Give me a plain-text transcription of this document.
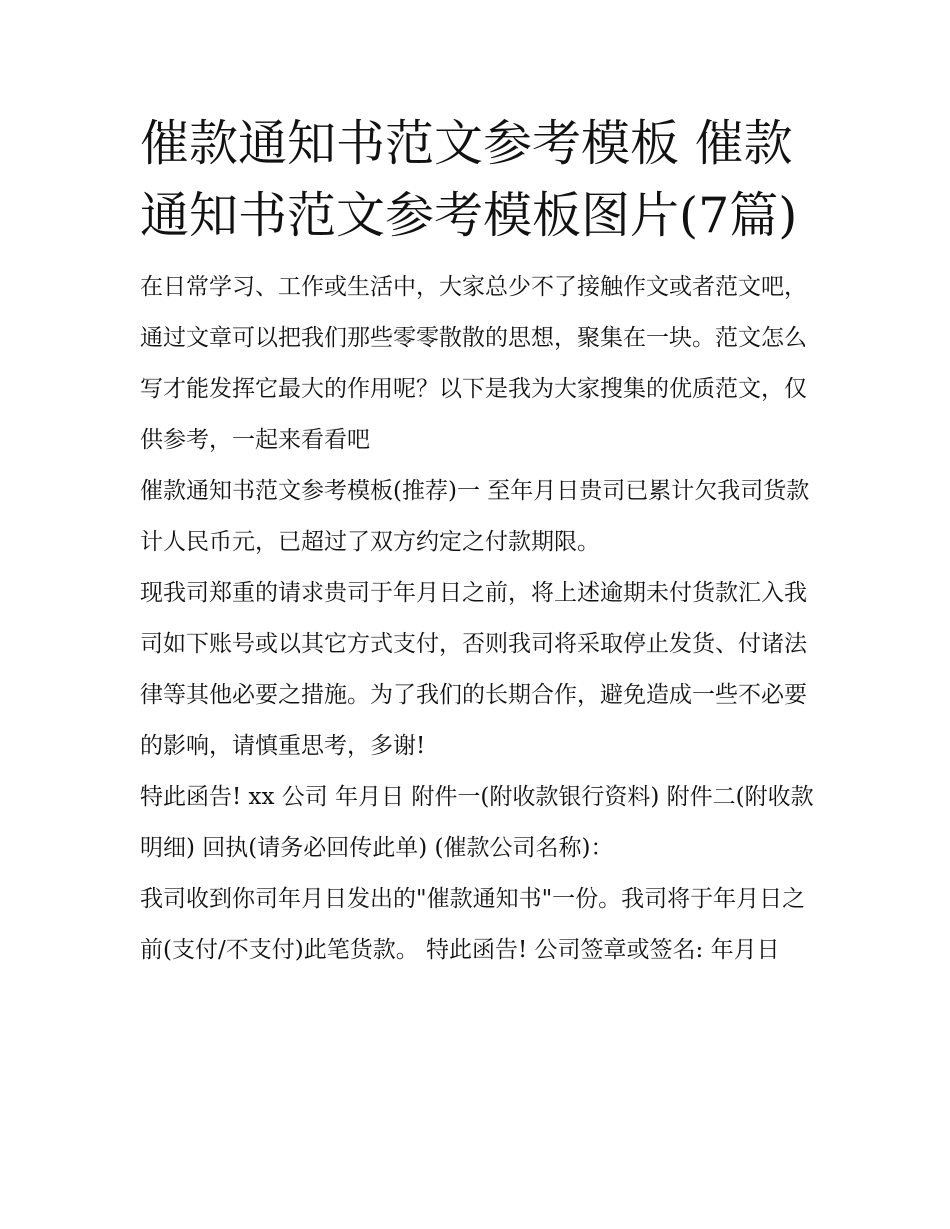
催款通知书范文参考模板 催款通知书范文参考模板图片(7篇)

在日常学习、工作或生活中，大家总少不了接触作文或者范文吧，通过文章可以把我们那些零零散散的思想，聚集在一块。范文怎么写才能发挥它最大的作用呢？以下是我为大家搜集的优质范文，仅供参考，一起来看看吧

催款通知书范文参考模板(推荐)一 至年月日贵司已累计欠我司货款计人民币元，已超过了双方约定之付款期限。

现我司郑重的请求贵司于年月日之前，将上述逾期未付货款汇入我司如下账号或以其它方式支付，否则我司将采取停止发货、付诸法律等其他必要之措施。为了我们的长期合作，避免造成一些不必要的影响，请慎重思考，多谢!

特此函告! xx 公司 年月日 附件一(附收款银行资料) 附件二(附收款明细) 回执(请务必回传此单) (催款公司名称)：

我司收到你司年月日发出的"催款通知书"一份。我司将于年月日之前(支付/不支付)此笔货款。 特此函告! 公司签章或签名: 年月日
